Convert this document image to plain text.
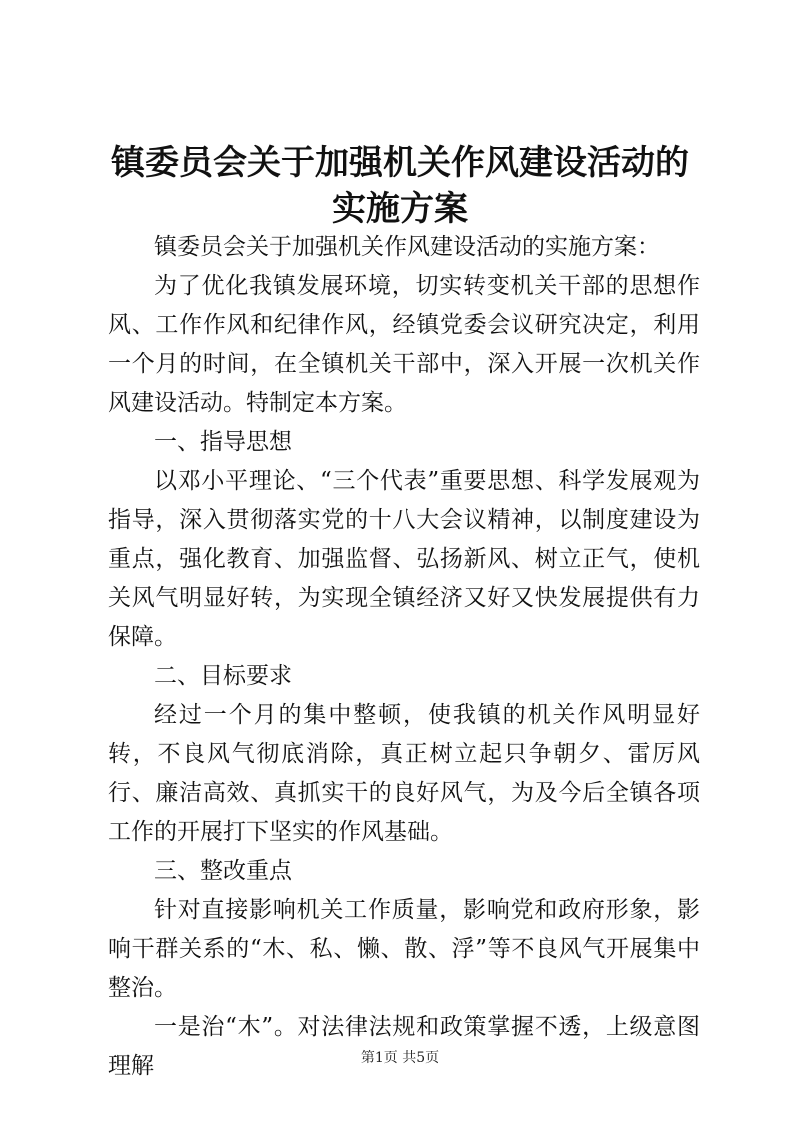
镇委员会关于加强机关作风建设活动的实施方案

镇委员会关于加强机关作风建设活动的实施方案：

为了优化我镇发展环境，切实转变机关干部的思想作风、工作作风和纪律作风，经镇党委会议研究决定，利用一个月的时间，在全镇机关干部中，深入开展一次机关作风建设活动。特制定本方案。

一、指导思想

以邓小平理论、“三个代表”重要思想、科学发展观为指导，深入贯彻落实党的十八大会议精神，以制度建设为重点，强化教育、加强监督、弘扬新风、树立正气，使机关风气明显好转，为实现全镇经济又好又快发展提供有力保障。

二、目标要求

经过一个月的集中整顿，使我镇的机关作风明显好转，不良风气彻底消除，真正树立起只争朝夕、雷厉风行、廉洁高效、真抓实干的良好风气，为及今后全镇各项工作的开展打下坚实的作风基础。

三、整改重点

针对直接影响机关工作质量，影响党和政府形象，影响干群关系的“木、私、懒、散、浮”等不良风气开展集中整治。

一是治“木”。对法律法规和政策掌握不透，上级意图理解	第1页 共5页
